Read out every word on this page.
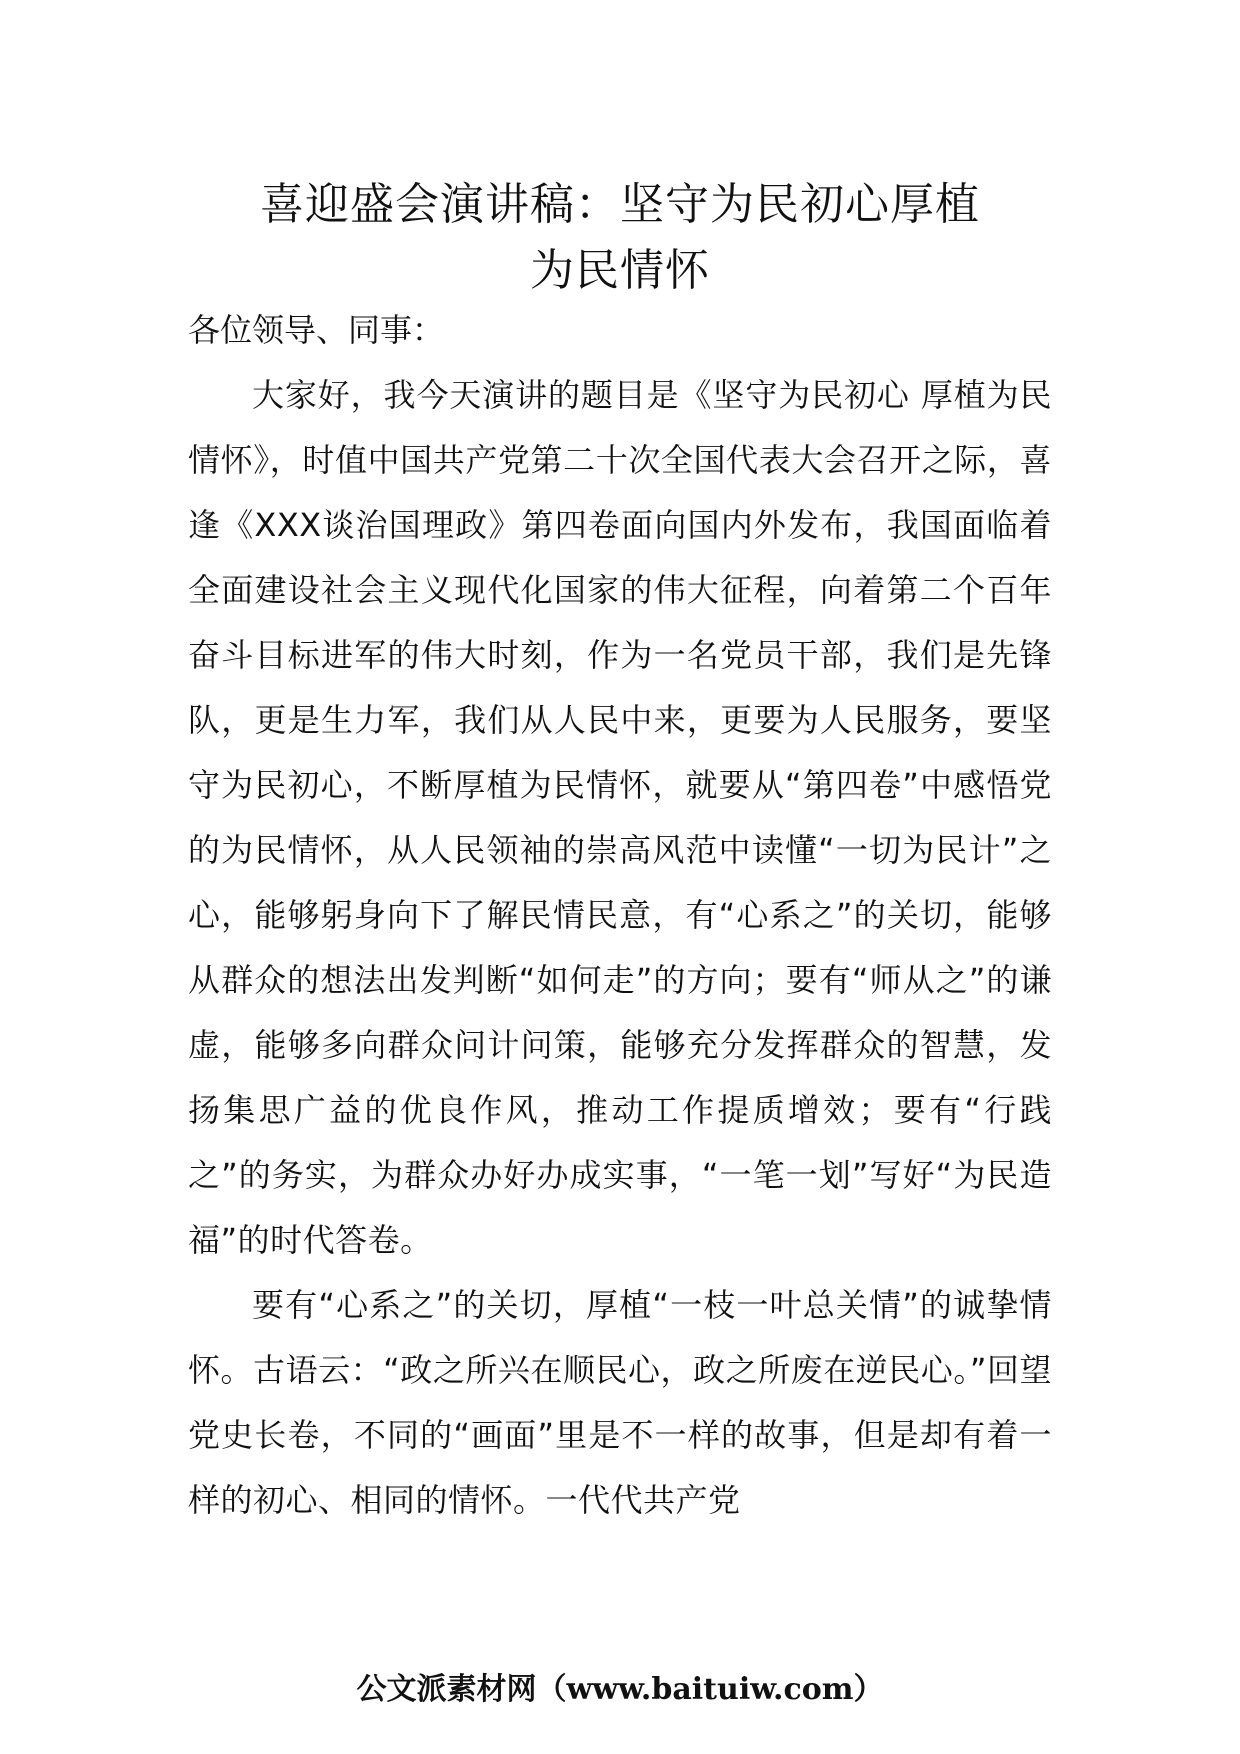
喜迎盛会演讲稿：坚守为民初心厚植
为民情怀

各位领导、同事：

大家好，我今天演讲的题目是《坚守为民初心 厚植为民情怀》，时值中国共产党第二十次全国代表大会召开之际，喜逢《XXX谈治国理政》第四卷面向国内外发布，我国面临着全面建设社会主义现代化国家的伟大征程，向着第二个百年奋斗目标进军的伟大时刻，作为一名党员干部，我们是先锋队，更是生力军，我们从人民中来，更要为人民服务，要坚守为民初心，不断厚植为民情怀，就要从“第四卷”中感悟党的为民情怀，从人民领袖的崇高风范中读懂“一切为民计”之心，能够躬身向下了解民情民意，有“心系之”的关切，能够从群众的想法出发判断“如何走”的方向；要有“师从之”的谦虚，能够多向群众问计问策，能够充分发挥群众的智慧，发扬集思广益的优良作风，推动工作提质增效；要有“行践之”的务实，为群众办好办成实事，“一笔一划”写好“为民造福”的时代答卷。

要有“心系之”的关切，厚植“一枝一叶总关情”的诚挚情怀。古语云：“政之所兴在顺民心，政之所废在逆民心。”回望党史长卷，不同的“画面”里是不一样的故事，但是却有着一样的初心、相同的情怀。一代代共产党

公文派素材网（www.baituiw.com）
